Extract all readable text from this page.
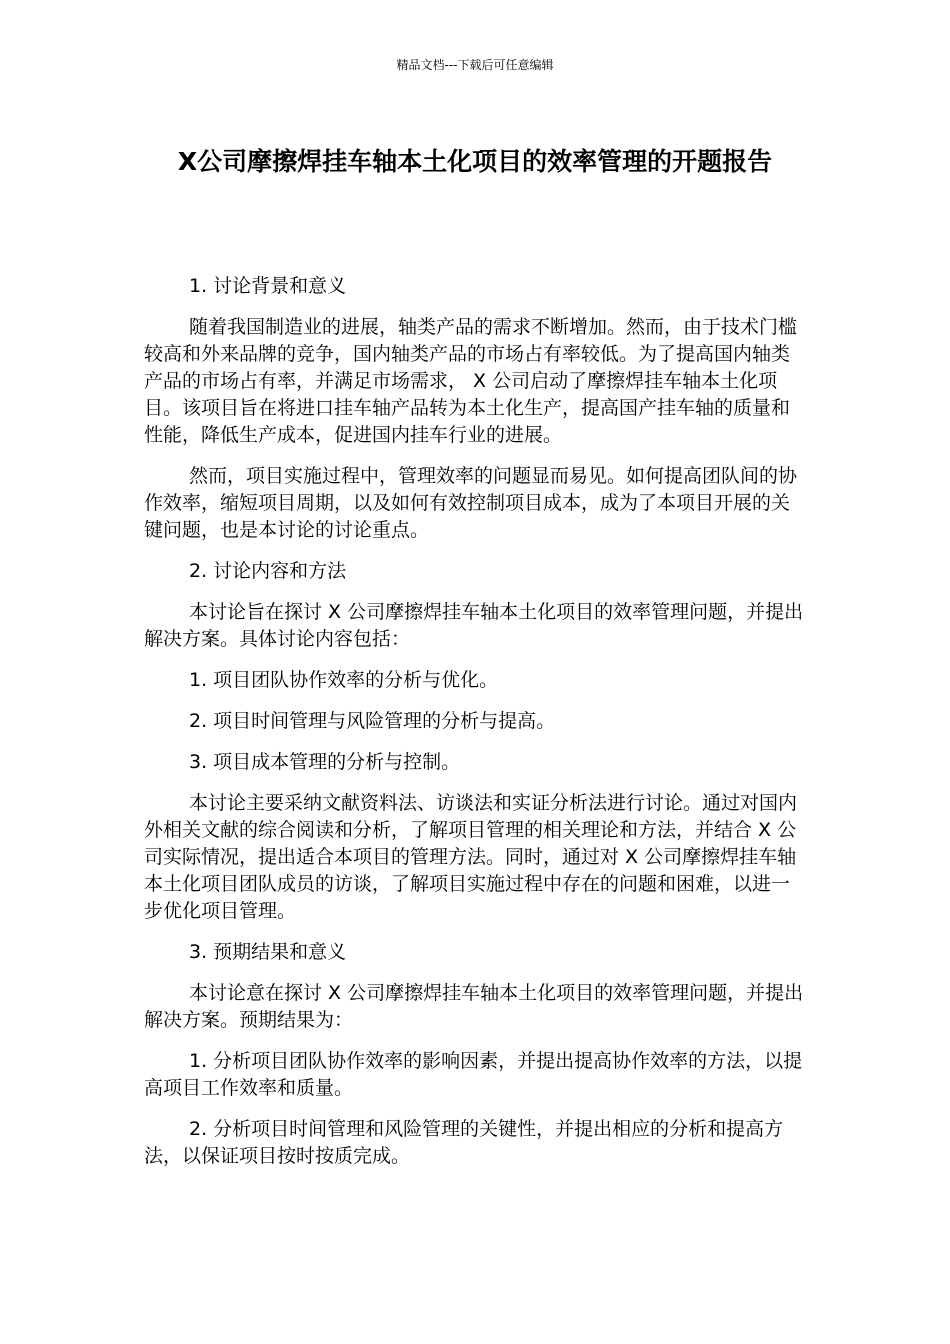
精品文档---下载后可任意编辑
X公司摩擦焊挂车轴本土化项目的效率管理的开题报告

1. 讨论背景和意义

随着我国制造业的进展，轴类产品的需求不断增加。然而，由于技术门槛较高和外来品牌的竞争，国内轴类产品的市场占有率较低。为了提高国内轴类产品的市场占有率，并满足市场需求， X 公司启动了摩擦焊挂车轴本土化项目。该项目旨在将进口挂车轴产品转为本土化生产，提高国产挂车轴的质量和性能，降低生产成本，促进国内挂车行业的进展。

然而，项目实施过程中，管理效率的问题显而易见。如何提高团队间的协作效率，缩短项目周期，以及如何有效控制项目成本，成为了本项目开展的关键问题，也是本讨论的讨论重点。

2. 讨论内容和方法

本讨论旨在探讨 X 公司摩擦焊挂车轴本土化项目的效率管理问题，并提出解决方案。具体讨论内容包括：

1. 项目团队协作效率的分析与优化。

2. 项目时间管理与风险管理的分析与提高。

3. 项目成本管理的分析与控制。

本讨论主要采纳文献资料法、访谈法和实证分析法进行讨论。通过对国内外相关文献的综合阅读和分析，了解项目管理的相关理论和方法，并结合 X 公司实际情况，提出适合本项目的管理方法。同时，通过对 X 公司摩擦焊挂车轴本土化项目团队成员的访谈，了解项目实施过程中存在的问题和困难，以进一步优化项目管理。

3. 预期结果和意义

本讨论意在探讨 X 公司摩擦焊挂车轴本土化项目的效率管理问题，并提出解决方案。预期结果为：

1. 分析项目团队协作效率的影响因素，并提出提高协作效率的方法，以提高项目工作效率和质量。

2. 分析项目时间管理和风险管理的关键性，并提出相应的分析和提高方法，以保证项目按时按质完成。
